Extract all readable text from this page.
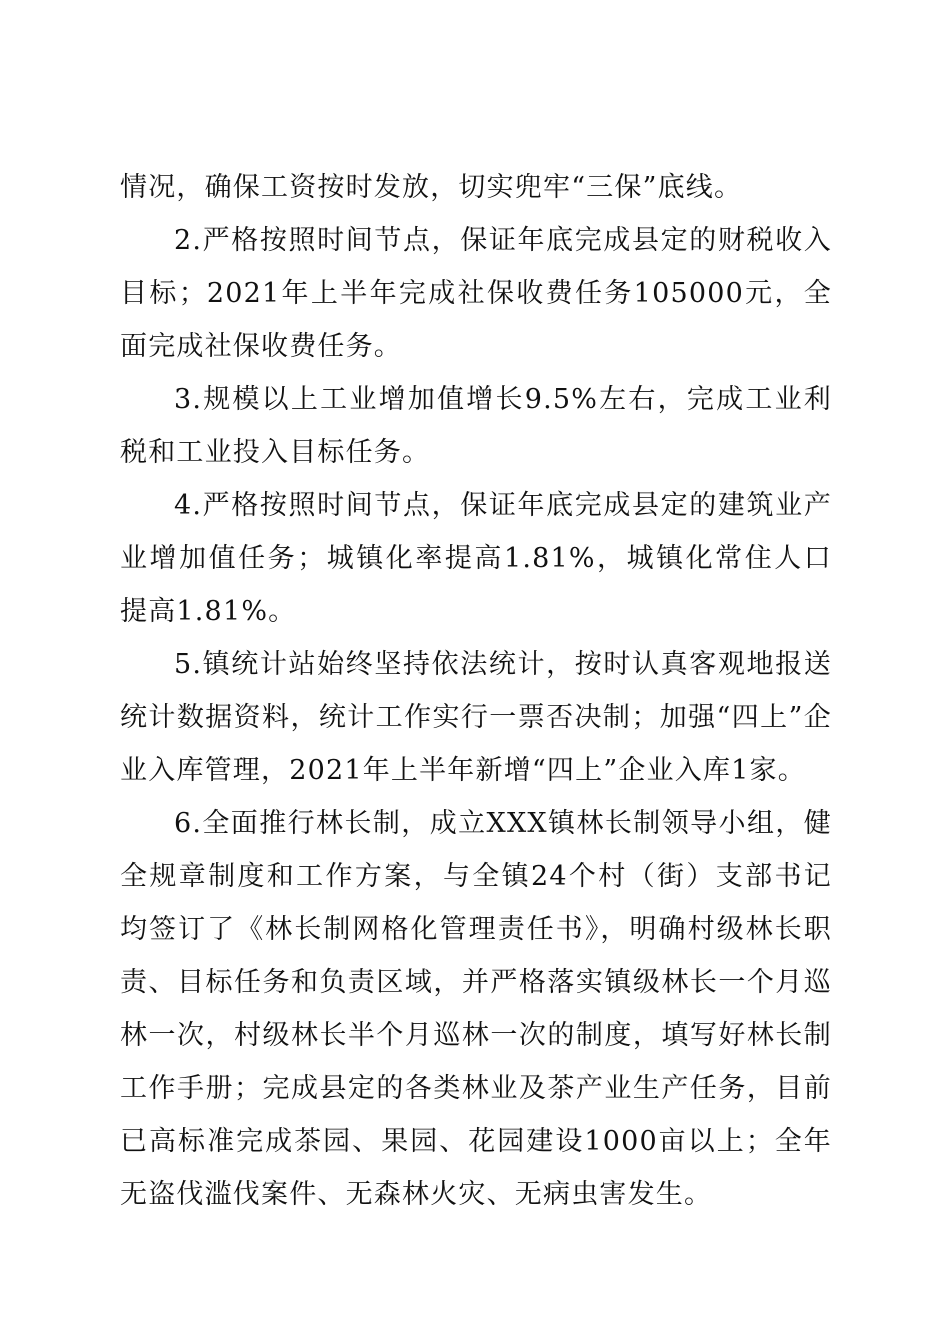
情况，确保工资按时发放，切实兜牢“三保”底线。

2.严格按照时间节点，保证年底完成县定的财税收入目标；2021年上半年完成社保收费任务105000元，全面完成社保收费任务。

3.规模以上工业增加值增长9.5%左右，完成工业利税和工业投入目标任务。

4.严格按照时间节点，保证年底完成县定的建筑业产业增加值任务；城镇化率提高1.81%，城镇化常住人口提高1.81%。

5.镇统计站始终坚持依法统计，按时认真客观地报送统计数据资料，统计工作实行一票否决制；加强“四上”企业入库管理，2021年上半年新增“四上”企业入库1家。

6.全面推行林长制，成立XXX镇林长制领导小组，健全规章制度和工作方案，与全镇24个村（街）支部书记均签订了《林长制网格化管理责任书》，明确村级林长职责、目标任务和负责区域，并严格落实镇级林长一个月巡林一次，村级林长半个月巡林一次的制度，填写好林长制工作手册；完成县定的各类林业及茶产业生产任务，目前已高标准完成茶园、果园、花园建设1000亩以上；全年无盗伐滥伐案件、无森林火灾、无病虫害发生。
